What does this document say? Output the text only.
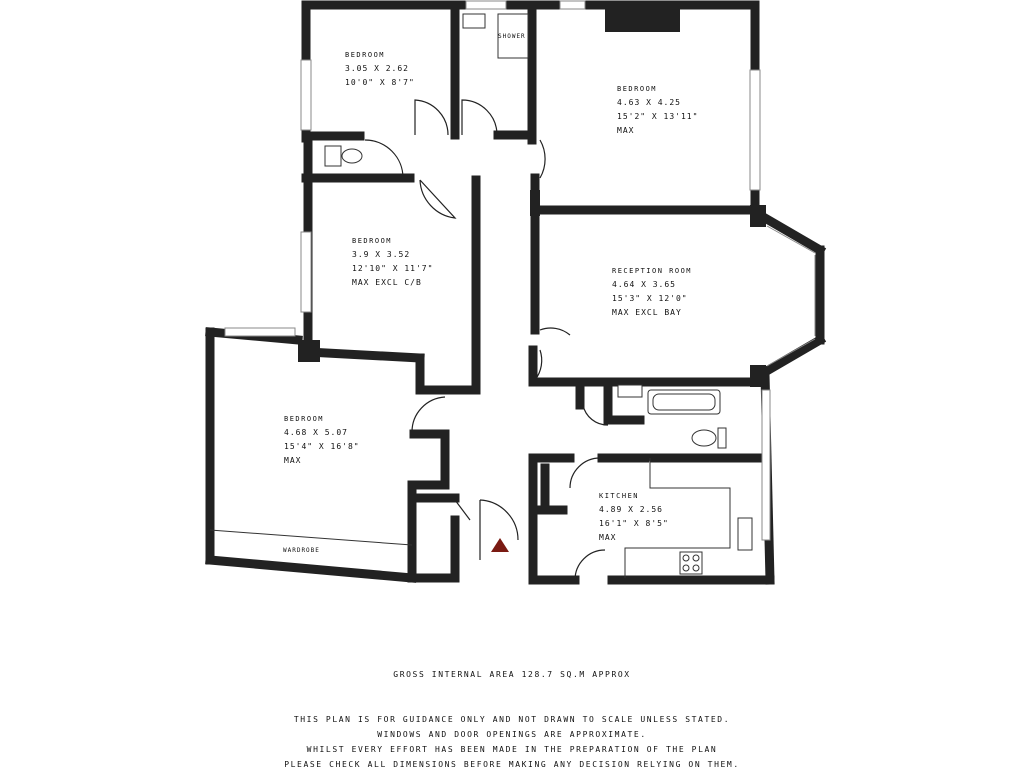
BEDROOM
3.05 X 2.62
10'0" X 8'7"
BEDROOM
4.63 X 4.25
15'2" X 13'11"
MAX
BEDROOM
3.9 X 3.52
12'10" X 11'7"
MAX EXCL C/B
RECEPTION ROOM
4.64 X 3.65
15'3" X 12'0"
MAX EXCL BAY
BEDROOM
4.68 X 5.07
15'4" X 16'8"
MAX
KITCHEN
4.89 X 2.56
16'1" X 8'5"
MAX
SHOWER
WARDROBE
GROSS INTERNAL AREA 128.7 SQ.M APPROX
THIS PLAN IS FOR GUIDANCE ONLY AND NOT DRAWN TO SCALE UNLESS STATED.
WINDOWS AND DOOR OPENINGS ARE APPROXIMATE.
WHILST EVERY EFFORT HAS BEEN MADE IN THE PREPARATION OF THE PLAN
PLEASE CHECK ALL DIMENSIONS BEFORE MAKING ANY DECISION RELYING ON THEM.
